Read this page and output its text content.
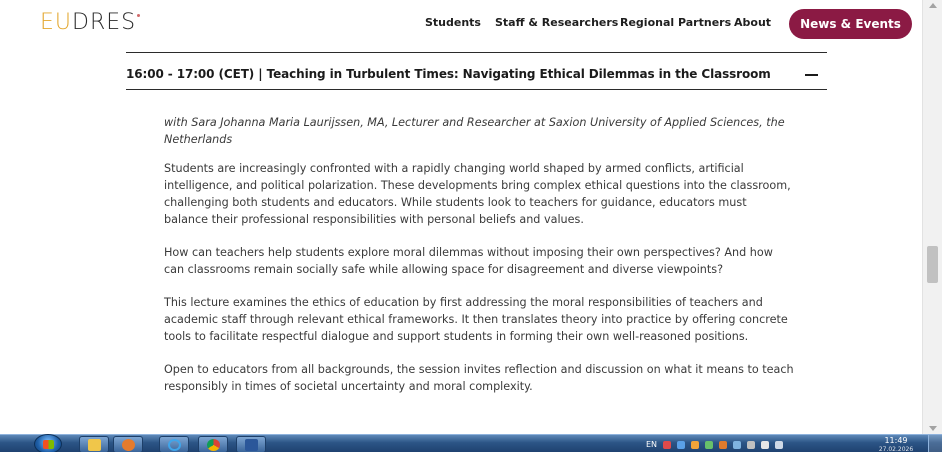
E U DRES	Students Staff & Researchers Regional Partners About	News & Events
16:00 - 17:00 (CET) | Teaching in Turbulent Times: Navigating Ethical Dilemmas in the Classroom

with Sara Johanna Maria Laurijssen, MA, Lecturer and Researcher at Saxion University of Applied Sciences, the Netherlands

Students are increasingly confronted with a rapidly changing world shaped by armed conflicts, artificial intelligence, and political polarization. These developments bring complex ethical questions into the classroom, challenging both students and educators. While students look to teachers for guidance, educators must balance their professional responsibilities with personal beliefs and values.

How can teachers help students explore moral dilemmas without imposing their own perspectives? And how can classrooms remain socially safe while allowing space for disagreement and diverse viewpoints?

This lecture examines the ethics of education by first addressing the moral responsibilities of teachers and academic staff through relevant ethical frameworks. It then translates theory into practice by offering concrete tools to facilitate respectful dialogue and support students in forming their own well-reasoned positions.

Open to educators from all backgrounds, the session invites reflection and discussion on what it means to teach responsibly in times of societal uncertainty and moral complexity.

EN	11:49
27.02.2026
